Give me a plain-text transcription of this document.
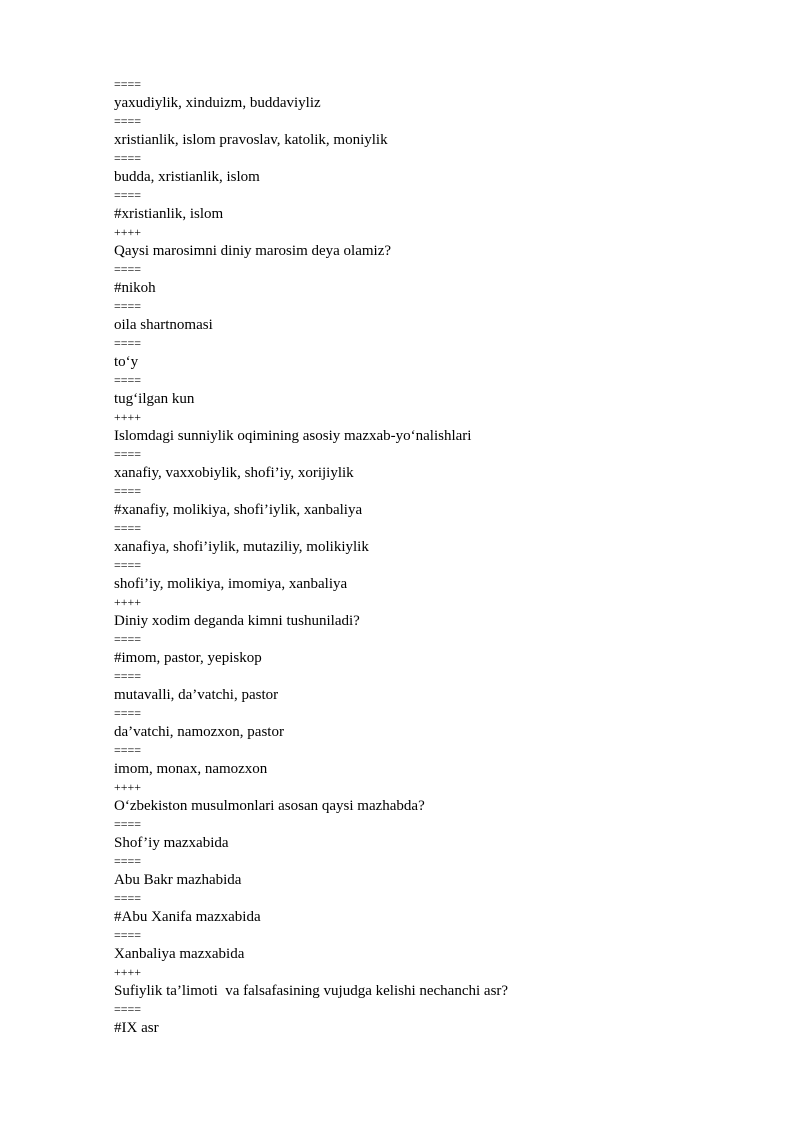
====
yaxudiylik, xinduizm, buddaviyliz
====
xristianlik, islom pravoslav, katolik, moniylik
====
budda, xristianlik, islom
====
#xristianlik, islom
++++
Qaysi marosimni diniy marosim deya olamiz?
====
#nikoh
====
oila shartnomasi
====
to‘y
====
tug‘ilgan kun
++++
Islomdagi sunniylik oqimining asosiy mazxab-yo‘nalishlari
====
xanafiy, vaxxobiylik, shofi’iy, xorijiylik
====
#xanafiy, molikiya, shofi’iylik, xanbaliya
====
xanafiya, shofi’iylik, mutaziliy, molikiylik
====
shofi’iy, molikiya, imomiya, xanbaliya
++++
Diniy xodim deganda kimni tushuniladi?
====
#imom, pastor, yepiskop
====
mutavalli, da’vatchi, pastor
====
da’vatchi, namozxon, pastor
====
imom, monax, namozxon
++++
O‘zbekiston musulmonlari asosan qaysi mazhabda?
====
Shof’iy mazxabida
====
Abu Bakr mazhabida
====
#Abu Xanifa mazxabida
====
Xanbaliya mazxabida
++++
Sufiylik ta’limoti  va falsafasining vujudga kelishi nechanchi asr?
====
#IX asr
